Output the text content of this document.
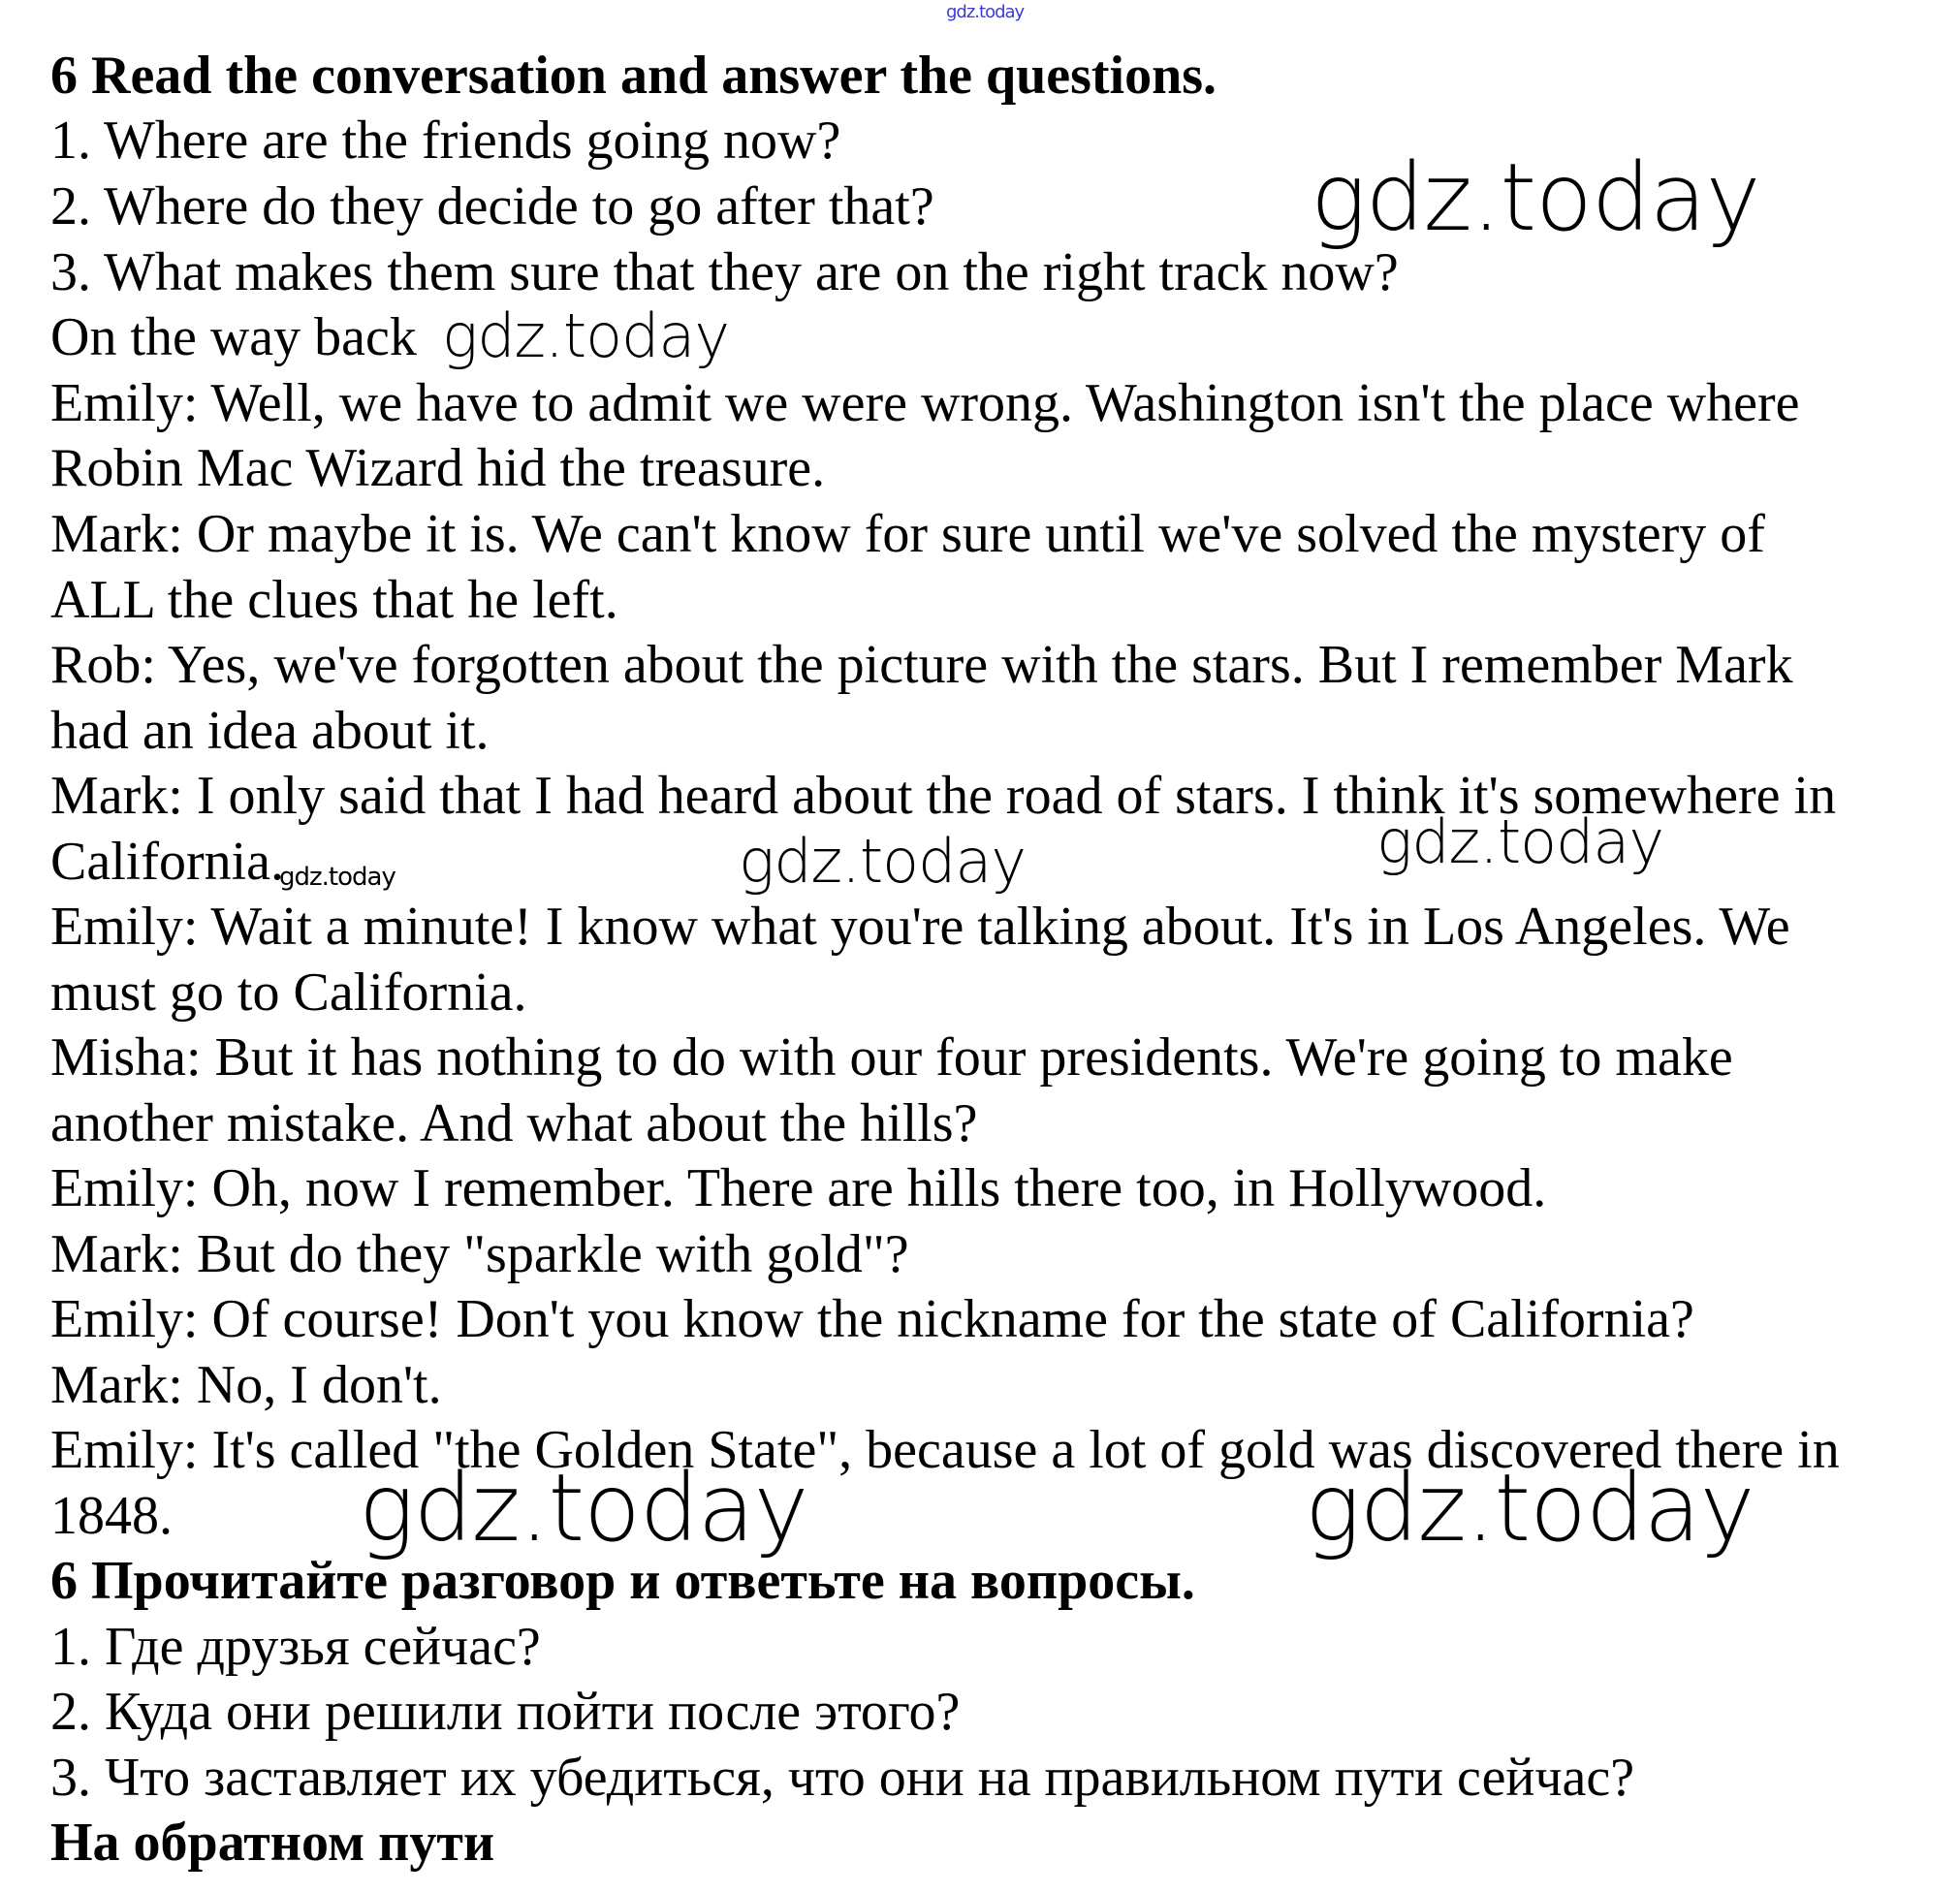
gdz.today
6 Read the conversation and answer the questions.
1. Where are the friends going now?
2. Where do they decide to go after that?
3. What makes them sure that they are on the right track now?
On the way back
Emily: Well, we have to admit we were wrong. Washington isn't the place where
Robin Mac Wizard hid the treasure.
Mark: Or maybe it is. We can't know for sure until we've solved the mystery of
ALL the clues that he left.
Rob: Yes, we've forgotten about the picture with the stars. But I remember Mark
had an idea about it.
Mark: I only said that I had heard about the road of stars. I think it's somewhere in
California.
Emily: Wait a minute! I know what you're talking about. It's in Los Angeles. We
must go to California.
Misha: But it has nothing to do with our four presidents. We're going to make
another mistake. And what about the hills?
Emily: Oh, now I remember. There are hills there too, in Hollywood.
Mark: But do they "sparkle with gold"?
Emily: Of course! Don't you know the nickname for the state of California?
Mark: No, I don't.
Emily: It's called "the Golden State", because a lot of gold was discovered there in
1848.
6 Прочитайте разговор и ответьте на вопросы.
1. Где друзья сейчас?
2. Куда они решили пойти после этого?
3. Что заставляет их убедиться, что они на правильном пути сейчас?
На обратном пути
gdz.today
gdz.today
gdz.today
gdz.today
gdz.today
gdz.today	gdz.today
